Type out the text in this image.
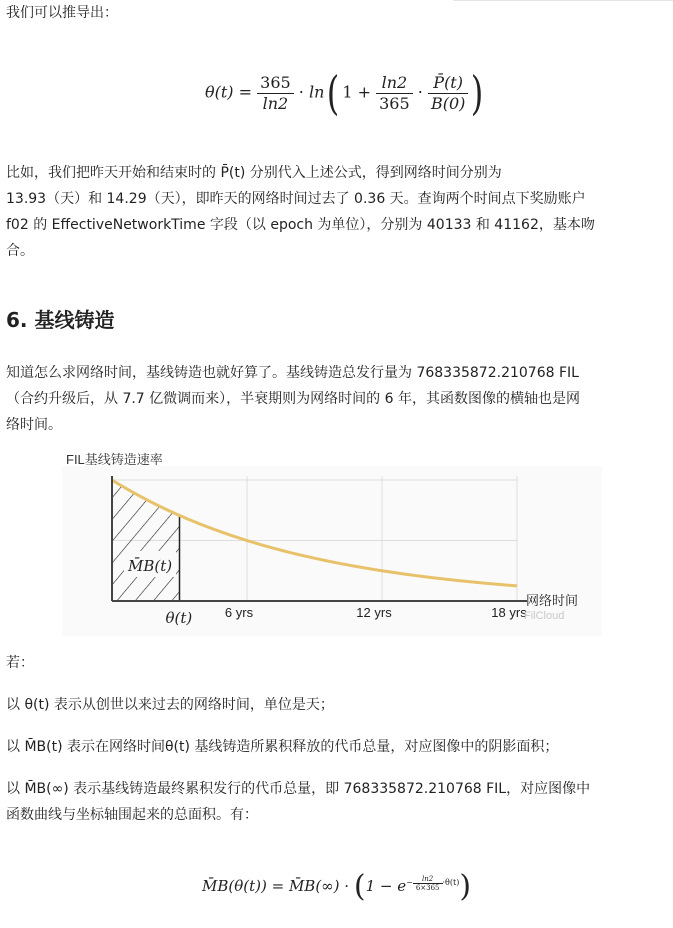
我们可以推导出：
$\theta(t) = \frac{365}{\ln 2} \cdot \ln$( $1 + \frac{\ln 2}{365} \cdot \frac{P̄(t)}{B(0)}$ )
比如，我们把昨天开始和结束时的 P̄(t) 分别代入上述公式，得到网络时间分别为
13.93（天）和 14.29（天），即昨天的网络时间过去了 0.36 天。查询两个时间点下奖励账户
f02 的 EffectiveNetworkTime 字段（以 epoch 为单位），分别为 40133 和 41162，基本吻
合。
6. 基线铸造
知道怎么求网络时间，基线铸造也就好算了。基线铸造总发行量为 768335872.210768 FIL
（合约升级后，从 7.7 亿微调而来），半衰期则为网络时间的 6 年，其函数图像的横轴也是网
络时间。
FIL基线铸造速率
M̄B(t)
6 yrs	12 yrs	18 yrs
θ(t)
网络时间
FilCloud
若：
以 θ(t) 表示从创世以来过去的网络时间，单位是天；
以 M̄B(t) 表示在网络时间θ(t) 基线铸造所累积释放的代币总量，对应图像中的阴影面积；
以 M̄B(∞) 表示基线铸造最终累积发行的代币总量，即 768335872.210768 FIL，对应图像中
函数曲线与坐标轴围起来的总面积。有：
M̄B(θ(t)) = M̄B(∞) · $(1 - e^{- \frac{\ln 2}{6\times 365} \cdot\theta(t)})$
